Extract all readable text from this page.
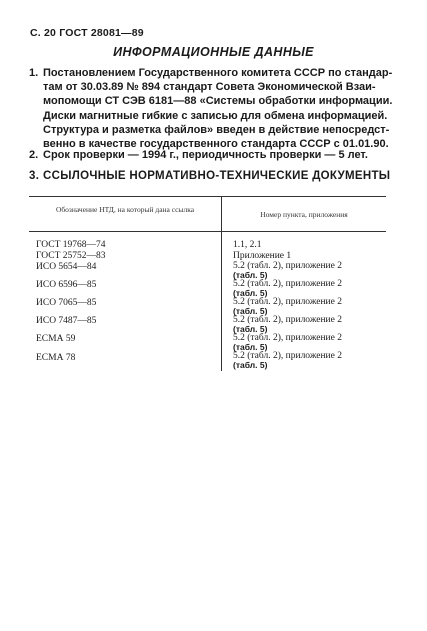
С. 20 ГОСТ 28081—89
ИНФОРМАЦИОННЫЕ ДАННЫЕ
1. Постановлением Государственного комитета СССР по стандар-
там от 30.03.89 № 894 стандарт Совета Экономической Взаи-
мопомощи СТ СЭВ 6181—88 «Системы обработки информации.
Диски магнитные гибкие с записью для обмена информацией.
Структура и разметка файлов» введен в действие непосредст-
венно в качестве государственного стандарта СССР с 01.01.90.
2. Срок проверки — 1994 г., периодичность проверки — 5 лет.
3. ССЫЛОЧНЫЕ НОРМАТИВНО-ТЕХНИЧЕСКИЕ ДОКУМЕНТЫ
Обозначение НТД, на который дана ссылка
Номер пункта, приложения
ГОСТ 19768—74	1.1, 2.1

ГОСТ 25752—83	Приложение 1

ИСО 5654—84	5.2 (табл. 2), приложение 2
(табл. 5)
ИСО 6596—85	5.2 (табл. 2), приложение 2
(табл. 5)
ИСО 7065—85	5.2 (табл. 2), приложение 2
(табл. 5)
ИСО 7487—85	5.2 (табл. 2), приложение 2
(табл. 5)
ЕСМА 59	5.2 (табл. 2), приложение 2
(табл. 5)
ЕСМА 78	5.2 (табл. 2), приложение 2
(табл. 5)
